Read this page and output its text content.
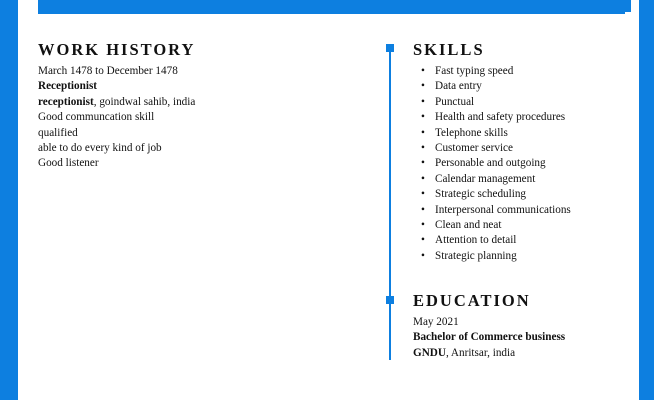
WORK HISTORY
March 1478 to December 1478
Receptionist
receptionist, goindwal sahib, india
Good communcation skill
qualified
able to do every kind of job
Good listener
SKILLS
• Fast typing speed
• Data entry
• Punctual
• Health and safety procedures
• Telephone skills
• Customer service
• Personable and outgoing
• Calendar management
• Strategic scheduling
• Interpersonal communications
• Clean and neat
• Attention to detail
• Strategic planning
EDUCATION
May 2021
Bachelor of Commerce business
GNDU, Anritsar, india
